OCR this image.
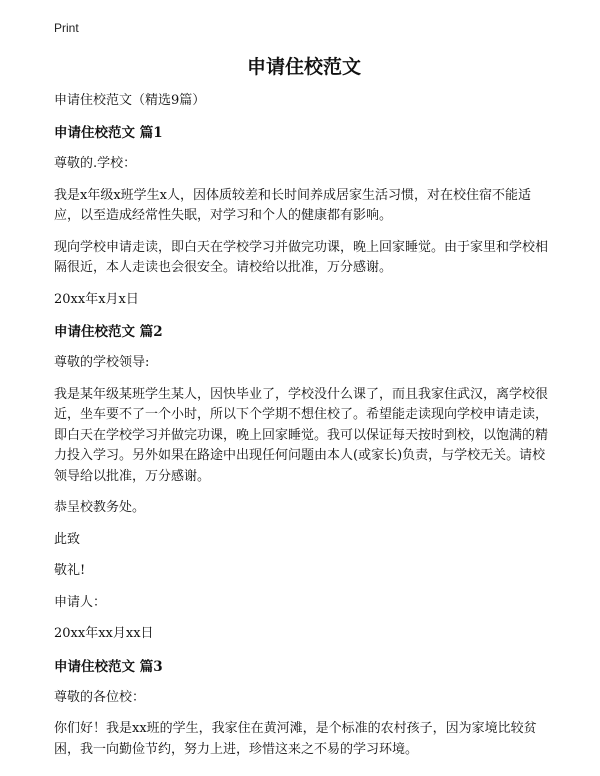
Print
申请住校范文
申请住校范文（精选9篇）
申请住校范文 篇1
尊敬的.学校：
我是x年级x班学生x人，因体质较差和长时间养成居家生活习惯，对在校住宿不能适应，以至造成经常性失眠，对学习和个人的健康都有影响。
现向学校申请走读，即白天在学校学习并做完功课，晚上回家睡觉。由于家里和学校相隔很近，本人走读也会很安全。请校给以批准，万分感谢。
20xx年x月x日
申请住校范文 篇2
尊敬的学校领导:
我是某年级某班学生某人，因快毕业了，学校没什么课了，而且我家住武汉，离学校很近，坐车要不了一个小时，所以下个学期不想住校了。希望能走读现向学校申请走读，即白天在学校学习并做完功课，晚上回家睡觉。我可以保证每天按时到校，以饱满的精力投入学习。另外如果在路途中出现任何问题由本人(或家长)负责，与学校无关。请校领导给以批准，万分感谢。
恭呈校教务处。
此致
敬礼!
申请人：
20xx年xx月xx日
申请住校范文 篇3
尊敬的各位校：
你们好！我是xx班的学生，我家住在黄河滩，是个标准的农村孩子，因为家境比较贫困，我一向勤俭节约，努力上进，珍惜这来之不易的学习环境。
